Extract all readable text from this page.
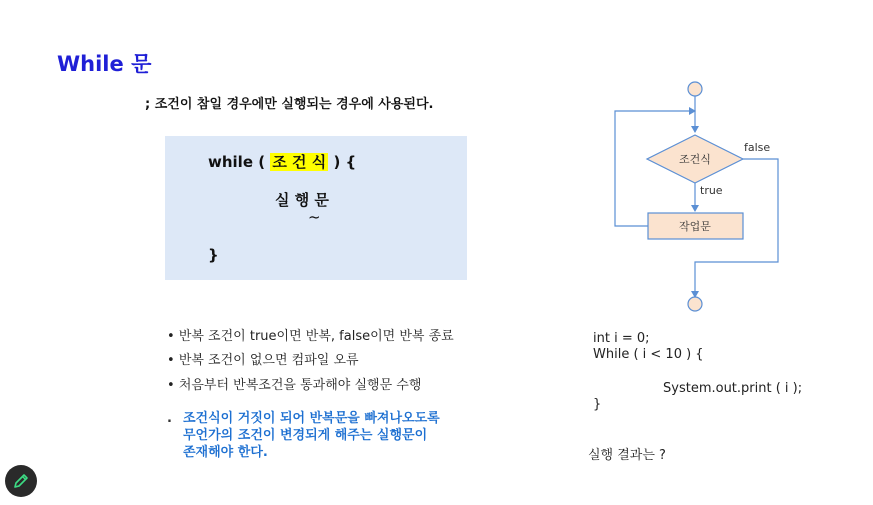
While 문
; 조건이 참일 경우에만 실행되는 경우에 사용된다.
while ( 조 건 식 ) {
실 행 문
~
}
• 반복 조건이 true이면 반복, false이면 반복 종료
• 반복 조건이 없으면 컴파일 오류
• 처음부터 반복조건을 통과해야 실행문 수행
. 조건식이 거짓이 되어 반복문을 빠져나오도록
무언가의 조건이 변경되게 해주는 실행문이
존재해야 한다.
조건식
true
작업문
false
int i = 0;
While ( i < 10 ) {
System.out.print ( i );
}
실행 결과는 ?
